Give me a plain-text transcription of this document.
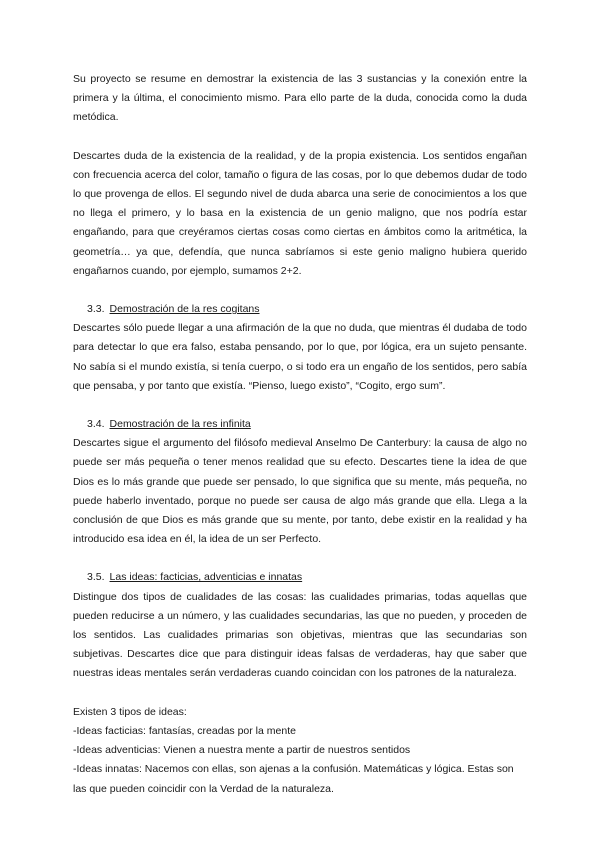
Su proyecto se resume en demostrar la existencia de las 3 sustancias y la conexión entre la primera y la última, el conocimiento mismo. Para ello parte de la duda, conocida como la duda metódica.

Descartes duda de la existencia de la realidad, y de la propia existencia. Los sentidos engañan con frecuencia acerca del color, tamaño o figura de las cosas, por lo que debemos dudar de todo lo que provenga de ellos. El segundo nivel de duda abarca una serie de conocimientos a los que no llega el primero, y lo basa en la existencia de un genio maligno, que nos podría estar engañando, para que creyéramos ciertas cosas como ciertas en ámbitos como la aritmética, la geometría… ya que, defendía, que nunca sabríamos si este genio maligno hubiera querido engañarnos cuando, por ejemplo, sumamos 2+2.

3.3. Demostración de la res cogitans

Descartes sólo puede llegar a una afirmación de la que no duda, que mientras él dudaba de todo para detectar lo que era falso, estaba pensando, por lo que, por lógica, era un sujeto pensante. No sabía si el mundo existía, si tenía cuerpo, o si todo era un engaño de los sentidos, pero sabía que pensaba, y por tanto que existía. “Pienso, luego existo”, “Cogito, ergo sum”.

3.4. Demostración de la res infinita

Descartes sigue el argumento del filósofo medieval Anselmo De Canterbury: la causa de algo no puede ser más pequeña o tener menos realidad que su efecto. Descartes tiene la idea de que Dios es lo más grande que puede ser pensado, lo que significa que su mente, más pequeña, no puede haberlo inventado, porque no puede ser causa de algo más grande que ella. Llega a la conclusión de que Dios es más grande que su mente, por tanto, debe existir en la realidad y ha introducido esa idea en él, la idea de un ser Perfecto.

3.5. Las ideas: facticias, adventicias e innatas

Distingue dos tipos de cualidades de las cosas: las cualidades primarias, todas aquellas que pueden reducirse a un número, y las cualidades secundarias, las que no pueden, y proceden de los sentidos. Las cualidades primarias son objetivas, mientras que las secundarias son subjetivas. Descartes dice que para distinguir ideas falsas de verdaderas, hay que saber que nuestras ideas mentales serán verdaderas cuando coincidan con los patrones de la naturaleza.

Existen 3 tipos de ideas:

-Ideas facticias: fantasías, creadas por la mente

-Ideas adventicias: Vienen a nuestra mente a partir de nuestros sentidos

-Ideas innatas: Nacemos con ellas, son ajenas a la confusión. Matemáticas y lógica. Estas son las que pueden coincidir con la Verdad de la naturaleza.
